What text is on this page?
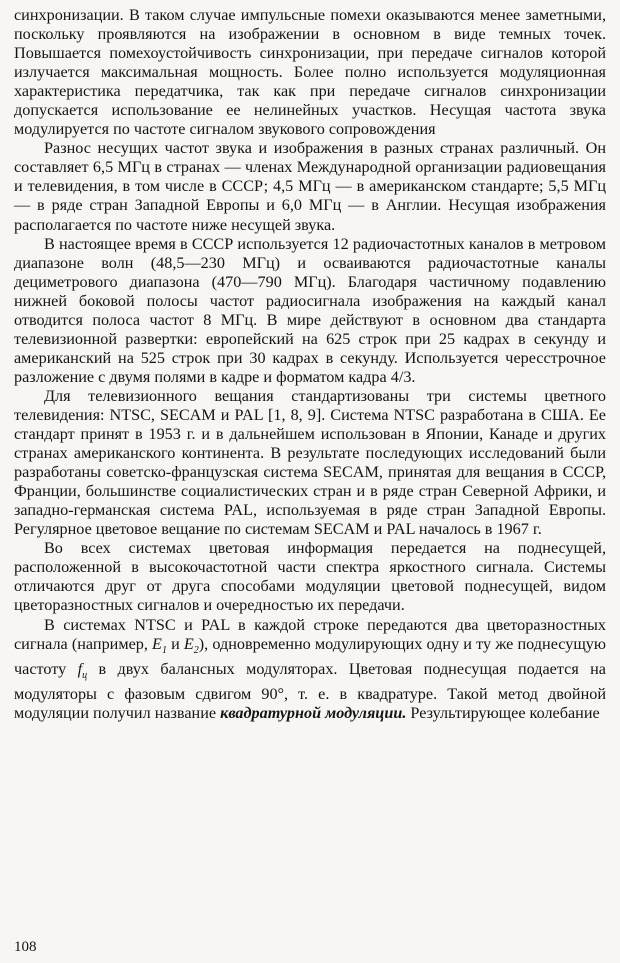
синхронизации. В таком случае импульсные помехи оказываются менее заметными, поскольку проявляются на изображении в основном в виде темных точек. Повышается помехоустойчивость синхронизации, при передаче сигналов которой излучается максимальная мощность. Более полно используется модуляционная характеристика передатчика, так как при передаче сигналов синхронизации допускается использование ее нелинейных участков. Несущая частота звука модулируется по частоте сигналом звукового сопровождения

Разнос несущих частот звука и изображения в разных странах различный. Он составляет 6,5 МГц в странах — членах Международной организации радиовещания и телевидения, в том числе в СССР; 4,5 МГц — в американском стандарте; 5,5 МГц — в ряде стран Западной Европы и 6,0 МГц — в Англии. Несущая изображения располагается по частоте ниже несущей звука.

В настоящее время в СССР используется 12 радиочастотных каналов в метровом диапазоне волн (48,5—230 МГц) и осваиваются радиочастотные каналы дециметрового диапазона (470—790 МГц). Благодаря частичному подавлению нижней боковой полосы частот радиосигнала изображения на каждый канал отводится полоса частот 8 МГц. В мире действуют в основном два стандарта телевизионной развертки: европейский на 625 строк при 25 кадрах в секунду и американский на 525 строк при 30 кадрах в секунду. Используется чересстрочное разложение с двумя полями в кадре и форматом кадра 4/3.

Для телевизионного вещания стандартизованы три системы цветного телевидения: NTSC, SECAM и PAL [1, 8, 9]. Система NTSC разработана в США. Ее стандарт принят в 1953 г. и в дальнейшем использован в Японии, Канаде и других странах американского континента. В результате последующих исследований были разработаны советско-французская система SECAM, принятая для вещания в СССР, Франции, большинстве социалистических стран и в ряде стран Северной Африки, и западно-германская система PAL, используемая в ряде стран Западной Европы. Регулярное цветовое вещание по системам SECAM и PAL началось в 1967 г.

Во всех системах цветовая информация передается на поднесущей, расположенной в высокочастотной части спектра яркостного сигнала. Системы отличаются друг от друга способами модуляции цветовой поднесущей, видом цветоразностных сигналов и очередностью их передачи.

В системах NTSC и PAL в каждой строке передаются два цветоразностных сигнала (например, $E_1$ и $E_2$), одновременно модулирующих одну и ту же поднесущую частоту $f_ц$ в двух балансных модуляторах. Цветовая поднесущая подается на модуляторы с фазовым сдвигом 90°, т. е. в квадратуре. Такой метод двойной модуляции получил название квадратурной модуляции. Результирующее колебание

108
